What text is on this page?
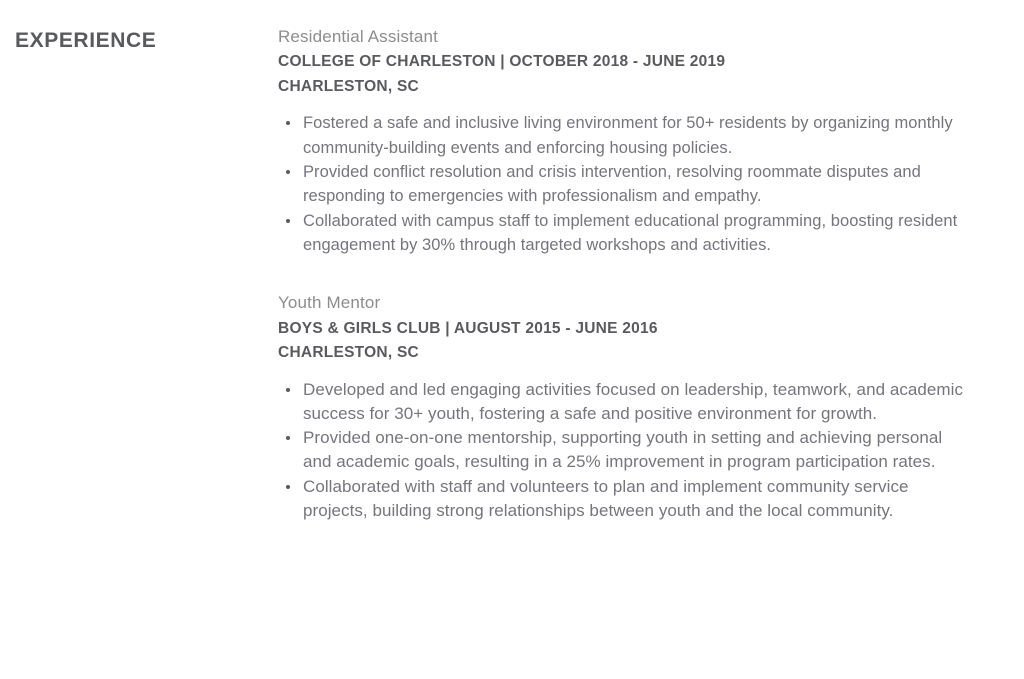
EXPERIENCE	Residential Assistant
COLLEGE OF CHARLESTON | OCTOBER 2018 - JUNE 2019
CHARLESTON, SC
Fostered a safe and inclusive living environment for 50+ residents by organizing monthly community-building events and enforcing housing policies.
Provided conflict resolution and crisis intervention, resolving roommate disputes and responding to emergencies with professionalism and empathy.
Collaborated with campus staff to implement educational programming, boosting resident engagement by 30% through targeted workshops and activities.
Youth Mentor
BOYS & GIRLS CLUB | AUGUST 2015 - JUNE 2016
CHARLESTON, SC
Developed and led engaging activities focused on leadership, teamwork, and academic success for 30+ youth, fostering a safe and positive environment for growth.
Provided one-on-one mentorship, supporting youth in setting and achieving personal and academic goals, resulting in a 25% improvement in program participation rates.
Collaborated with staff and volunteers to plan and implement community service projects, building strong relationships between youth and the local community.
